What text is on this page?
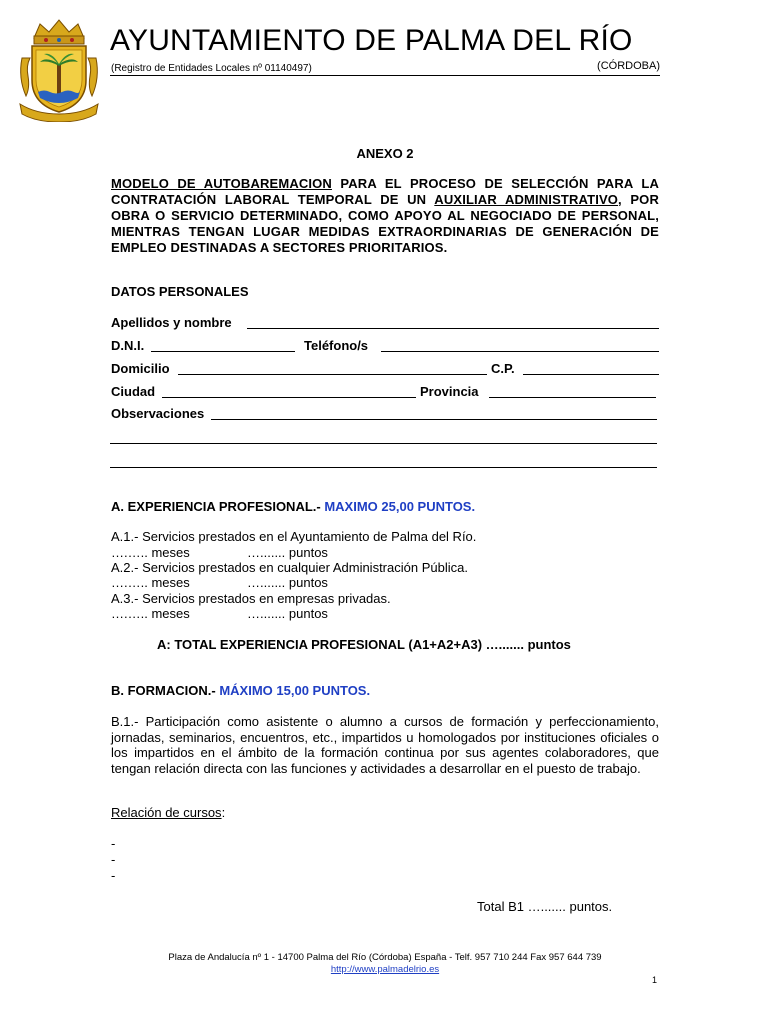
AYUNTAMIENTO DE PALMA DEL RÍO
(Registro de Entidades Locales nº 01140497)	(CÓRDOBA)
ANEXO 2
MODELO DE AUTOBAREMACION PARA EL PROCESO DE SELECCIÓN PARA LA CONTRATACIÓN LABORAL TEMPORAL DE UN AUXILIAR ADMINISTRATIVO, POR OBRA O SERVICIO DETERMINADO, COMO APOYO AL NEGOCIADO DE PERSONAL, MIENTRAS TENGAN LUGAR MEDIDAS EXTRAORDINARIAS DE GENERACIÓN DE EMPLEO DESTINADAS A SECTORES PRIORITARIOS.
DATOS PERSONALES
Apellidos y nombre
D.N.I.	Teléfono/s
Domicilio	C.P.
Ciudad	Provincia
Observaciones
A. EXPERIENCIA PROFESIONAL.- MAXIMO 25,00 PUNTOS.
A.1.- Servicios prestados en el Ayuntamiento de Palma del Río.
….….. meses	…....... puntos
A.2.- Servicios prestados en cualquier Administración Pública.
….….. meses	…....... puntos
A.3.- Servicios prestados en empresas privadas.
….….. meses	…....... puntos
A: TOTAL EXPERIENCIA PROFESIONAL (A1+A2+A3) …....... puntos
B. FORMACION.- MÁXIMO 15,00 PUNTOS.
B.1.- Participación como asistente o alumno a cursos de formación y perfeccionamiento, jornadas, seminarios, encuentros, etc., impartidos u homologados por instituciones oficiales o los impartidos en el ámbito de la formación continua por sus agentes colaboradores, que tengan relación directa con las funciones y actividades a desarrollar en el puesto de trabajo.
Relación de cursos:
-
-
-
Total B1 …....... puntos.
Plaza de Andalucía nº 1 - 14700 Palma del Río (Córdoba) España - Telf. 957 710 244 Fax 957 644 739
http://www.palmadelrio.es
1
